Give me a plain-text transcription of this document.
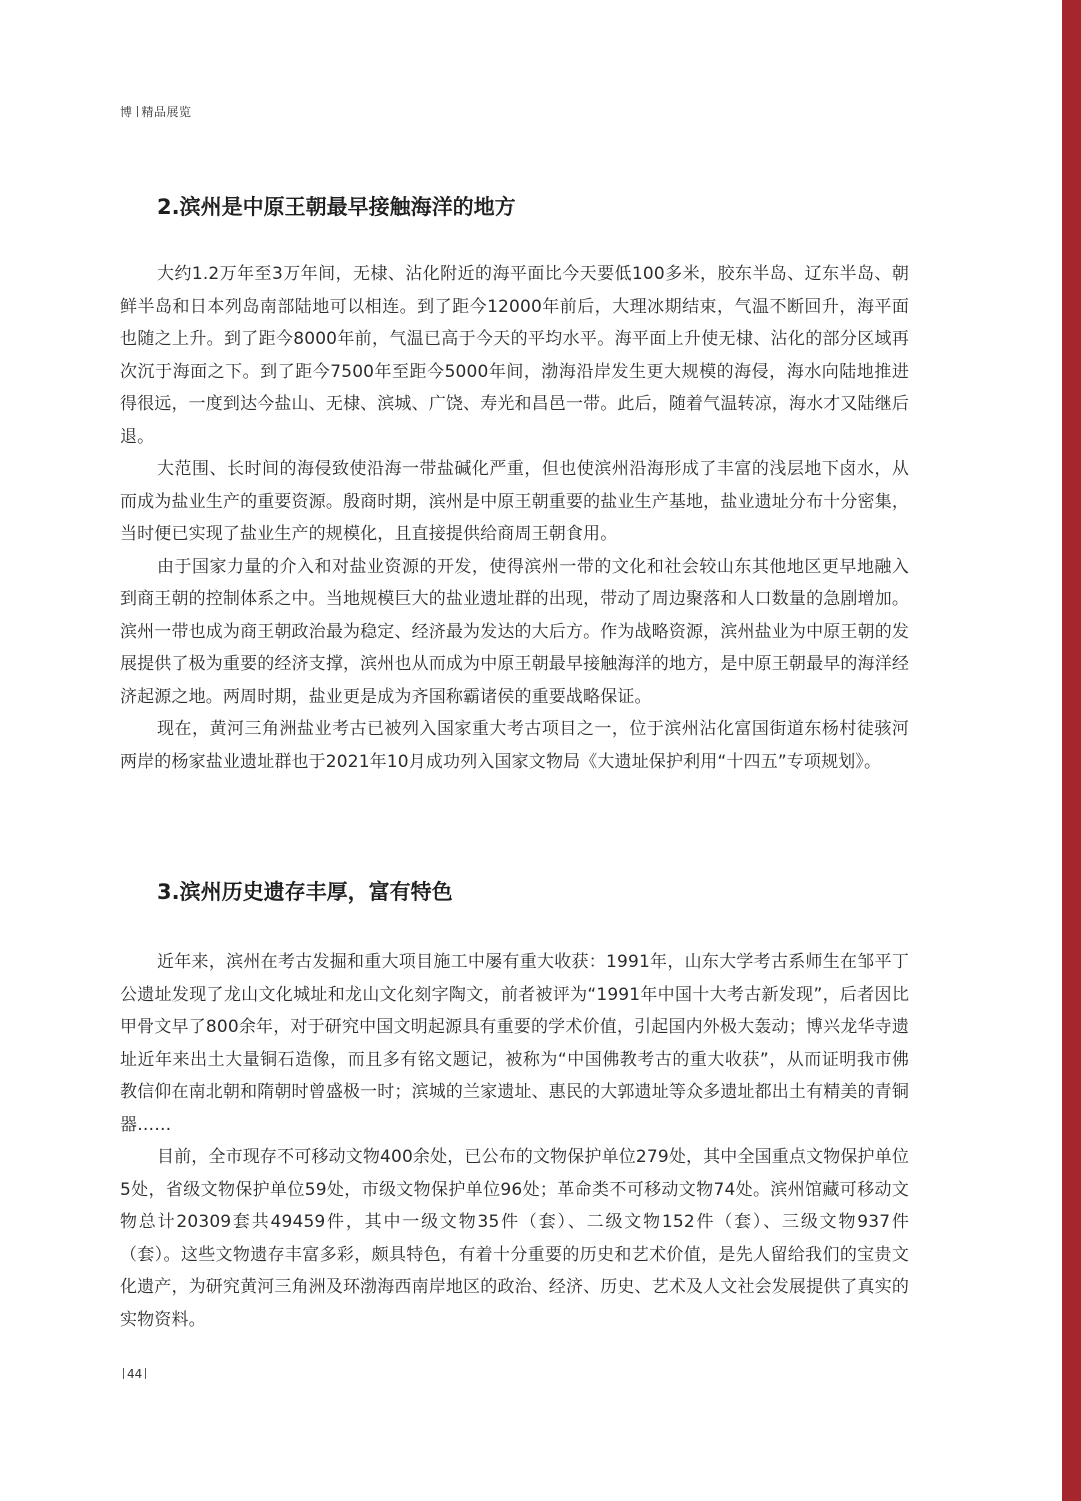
博 精品展览
2.滨州是中原王朝最早接触海洋的地方

大约1.2万年至3万年间，无棣、沾化附近的海平面比今天要低100多米，胶东半岛、辽东半岛、朝鲜半岛和日本列岛南部陆地可以相连。到了距今12000年前后，大理冰期结束，气温不断回升，海平面也随之上升。到了距今8000年前，气温已高于今天的平均水平。海平面上升使无棣、沾化的部分区域再次沉于海面之下。到了距今7500年至距今5000年间，渤海沿岸发生更大规模的海侵，海水向陆地推进得很远，一度到达今盐山、无棣、滨城、广饶、寿光和昌邑一带。此后，随着气温转凉，海水才又陆继后退。

大范围、长时间的海侵致使沿海一带盐碱化严重，但也使滨州沿海形成了丰富的浅层地下卤水，从而成为盐业生产的重要资源。殷商时期，滨州是中原王朝重要的盐业生产基地，盐业遗址分布十分密集，当时便已实现了盐业生产的规模化，且直接提供给商周王朝食用。

由于国家力量的介入和对盐业资源的开发，使得滨州一带的文化和社会较山东其他地区更早地融入到商王朝的控制体系之中。当地规模巨大的盐业遗址群的出现，带动了周边聚落和人口数量的急剧增加。滨州一带也成为商王朝政治最为稳定、经济最为发达的大后方。作为战略资源，滨州盐业为中原王朝的发展提供了极为重要的经济支撑，滨州也从而成为中原王朝最早接触海洋的地方，是中原王朝最早的海洋经济起源之地。两周时期，盐业更是成为齐国称霸诸侯的重要战略保证。

现在，黄河三角洲盐业考古已被列入国家重大考古项目之一，位于滨州沾化富国街道东杨村徒骇河两岸的杨家盐业遗址群也于2021年10月成功列入国家文物局《大遗址保护利用“十四五”专项规划》。

3.滨州历史遗存丰厚，富有特色

近年来，滨州在考古发掘和重大项目施工中屡有重大收获：1991年，山东大学考古系师生在邹平丁公遗址发现了龙山文化城址和龙山文化刻字陶文，前者被评为“1991年中国十大考古新发现”，后者因比甲骨文早了800余年，对于研究中国文明起源具有重要的学术价值，引起国内外极大轰动；博兴龙华寺遗址近年来出土大量铜石造像，而且多有铭文题记，被称为“中国佛教考古的重大收获”，从而证明我市佛教信仰在南北朝和隋朝时曾盛极一时；滨城的兰家遗址、惠民的大郭遗址等众多遗址都出土有精美的青铜器……

目前，全市现存不可移动文物400余处，已公布的文物保护单位279处，其中全国重点文物保护单位5处，省级文物保护单位59处，市级文物保护单位96处；革命类不可移动文物74处。滨州馆藏可移动文物总计20309套共49459件，其中一级文物35件（套）、二级文物152件（套）、三级文物937件（套）。这些文物遗存丰富多彩，颇具特色，有着十分重要的历史和艺术价值，是先人留给我们的宝贵文化遗产，为研究黄河三角洲及环渤海西南岸地区的政治、经济、历史、艺术及人文社会发展提供了真实的实物资料。

44
